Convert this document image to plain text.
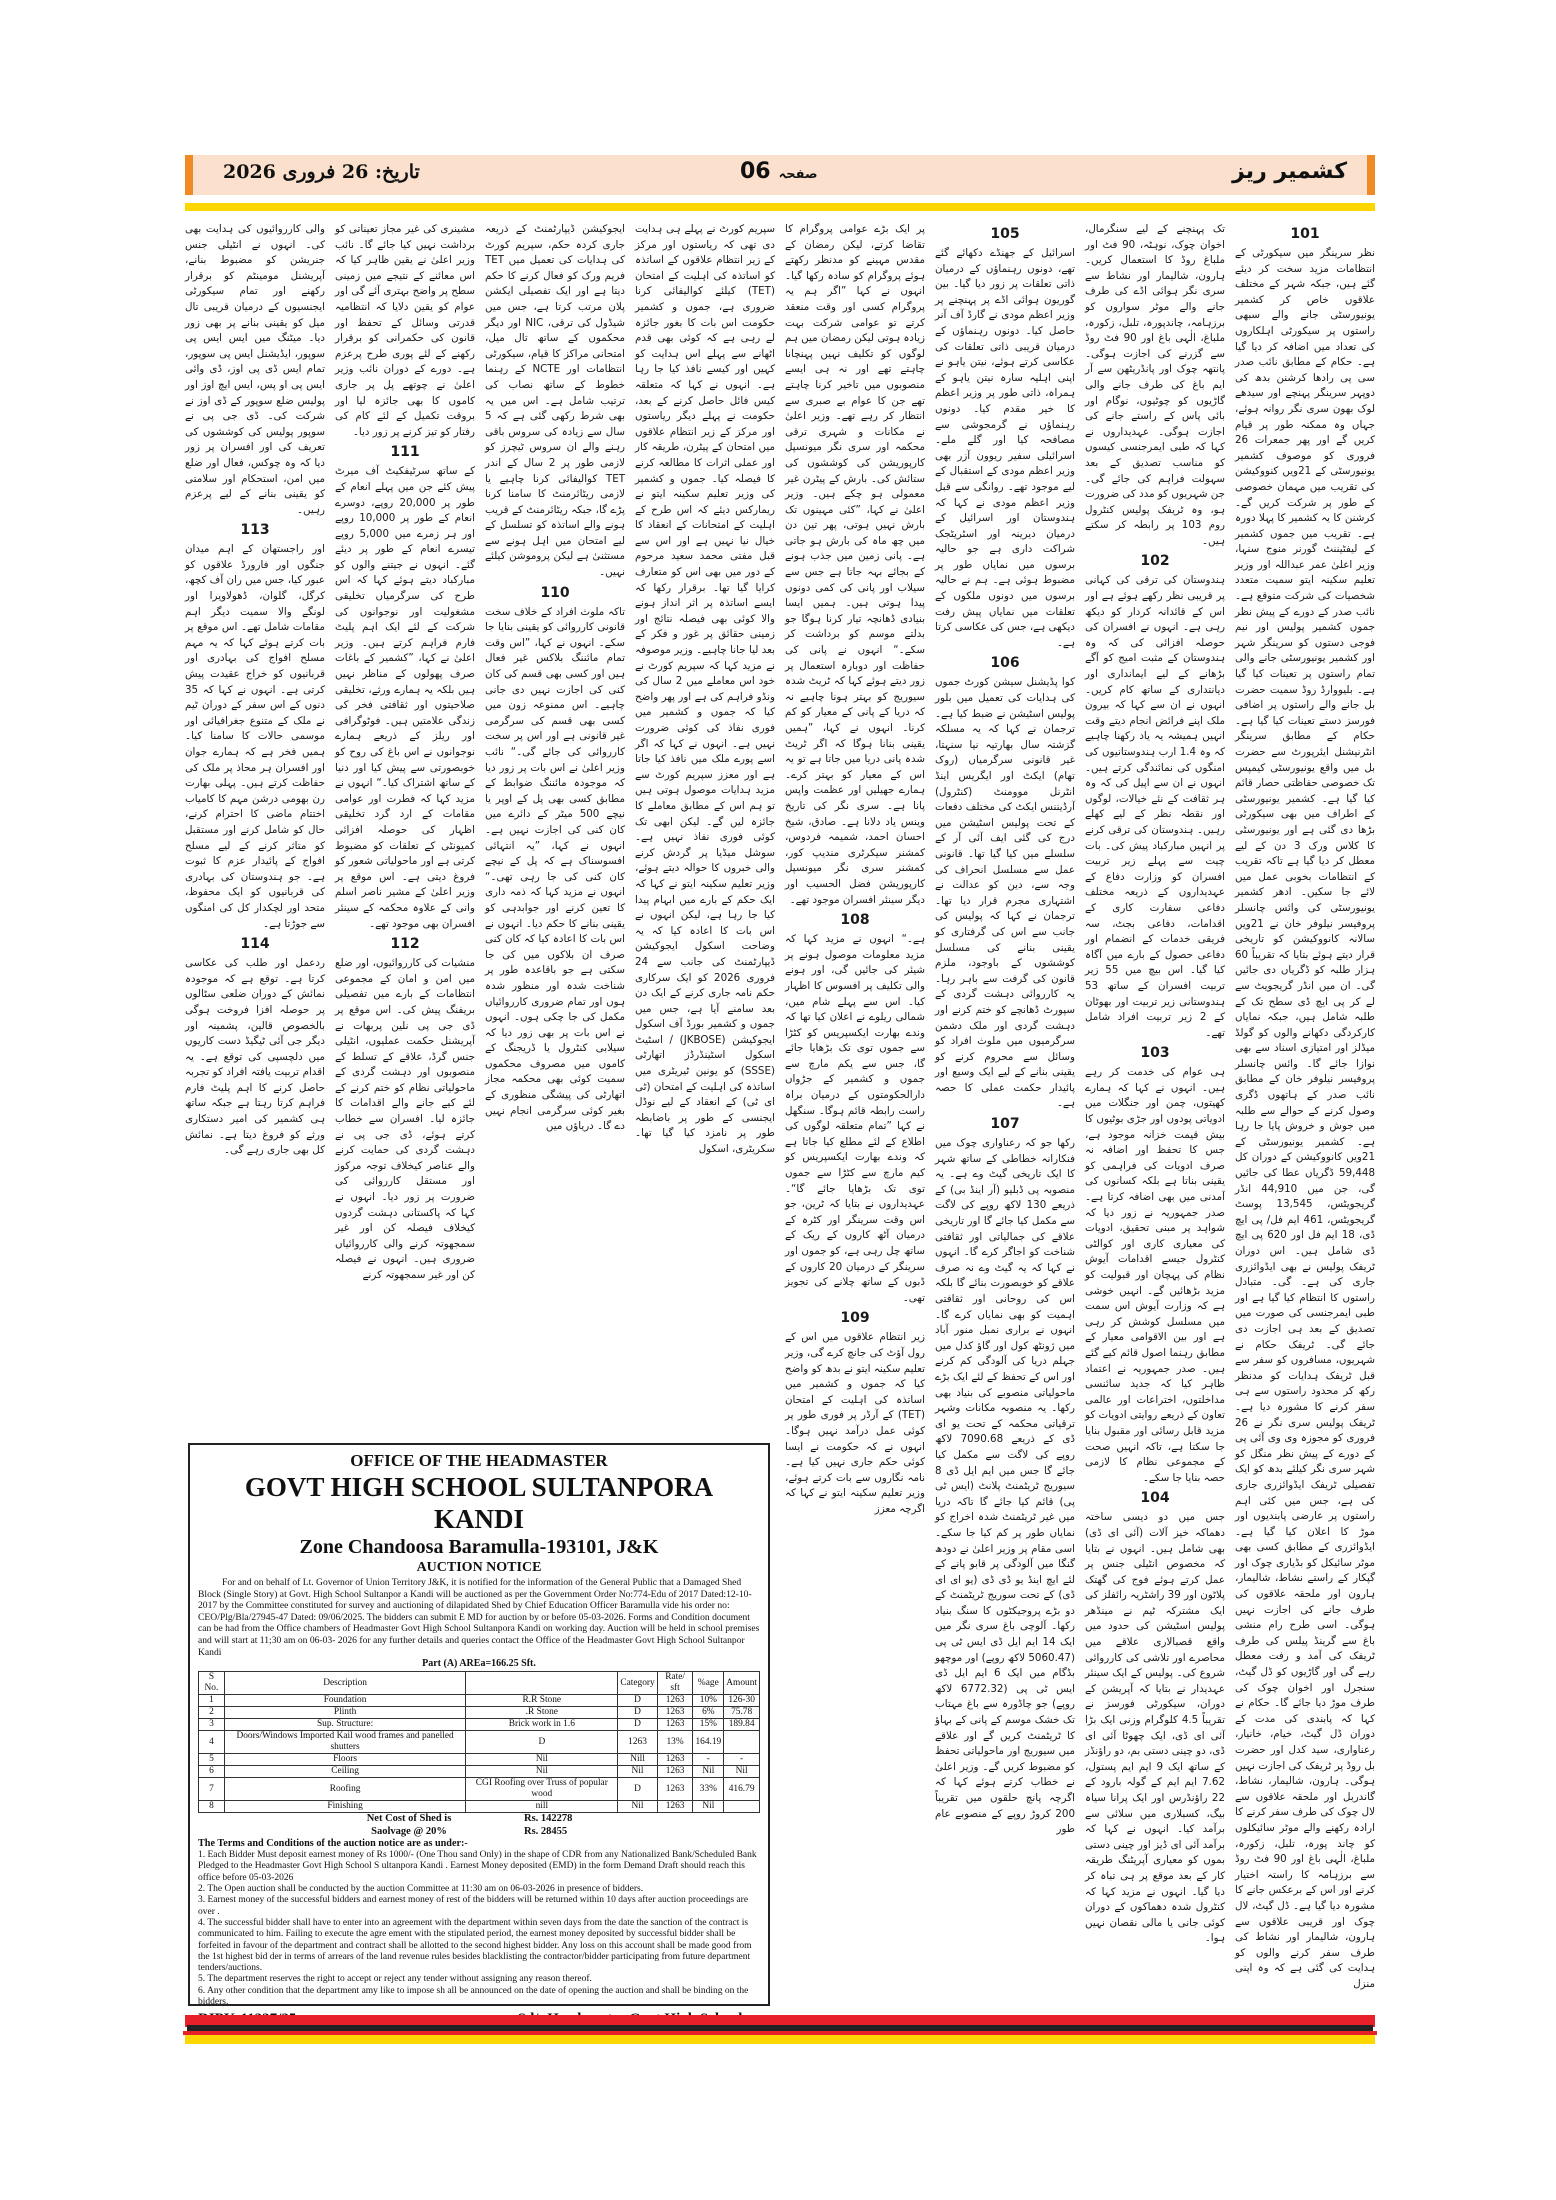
تاریخ: 26 فروری 2026	06 صفحہ	کشمیر ریز
101

نظر سرینگر میں سیکورٹی کے انتظامات مزید سخت کر دیئے گئے ہیں، جبکہ شہر کے مختلف علاقوں خاص کر کشمیر یونیورسٹی جانے والے سبھی راستوں پر سیکورٹی اہلکاروں کی تعداد میں اضافہ کر دیا گیا ہے۔ حکام کے مطابق نائب صدر سی پی رادھا کرشنن بدھ کی دوپہر سرینگر پہنچے اور سیدھے لوک بھون سری نگر روانہ ہوئے، جہاں وہ ممکنہ طور پر قیام کریں گے اور پھر جمعرات 26 فروری کو موصوف کشمیر یونیورسٹی کے 21ویں کنووکیشن کی تقریب میں مہمان خصوصی کے طور پر شرکت کریں گے۔ کرشنن کا یہ کشمیر کا پہلا دورہ ہے۔ تقریب میں جموں کشمیر کے لیفٹیننٹ گورنر منوج سنہا، وزیر اعلیٰ عمر عبداللہ اور وزیر تعلیم سکینہ ایتو سمیت متعدد شخصیات کی شرکت متوقع ہے۔ نائب صدر کے دورے کے پیش نظر جموں کشمیر پولیس اور نیم فوجی دستوں کو سرینگر شہر اور کشمیر یونیورسٹی جانے والی تمام راستوں پر تعینات کیا گیا ہے۔ بلیووارڈ روڈ سمیت حضرت بل جانے والے راستوں پر اضافی فورسز دستے تعینات کیا گیا ہے۔ حکام کے مطابق سرینگر انٹرنیشنل ایئرپورٹ سے حضرت بل میں واقع یونیورسٹی کیمپس تک خصوصی حفاظتی حصار قائم کیا گیا ہے۔ کشمیر یونیورسٹی کے اطراف میں بھی سیکورٹی بڑھا دی گئی ہے اور یونیورسٹی کا کلاس ورک 3 دن کے لیے معطل کر دیا گیا ہے تاکہ تقریب کے انتظامات بخوبی عمل میں لائے جا سکیں۔ ادھر کشمیر یونیورسٹی کی وائس چانسلر پروفیسر نیلوفر خان نے 21ویں سالانہ کانووکیشن کو تاریخی قرار دیتے ہوئے بتایا کہ تقریباً 60 ہزار طلبہ کو ڈگریاں دی جائیں گی۔ ان میں انڈر گریجویٹ سے لے کر پی ایچ ڈی سطح تک کے طلبہ شامل ہیں، جبکہ نمایاں کارکردگی دکھانے والوں کو گولڈ میڈلز اور امتیازی اسناد سے بھی نوازا جائے گا۔ وائس چانسلر پروفیسر نیلوفر خان کے مطابق نائب صدر کے ہاتھوں ڈگری وصول کرنے کے حوالے سے طلبہ میں جوش و خروش پایا جا رہا ہے۔ کشمیر یونیورسٹی کے 21ویں کانووکیشن کے دوران کل 59,448 ڈگریاں عطا کی جائیں گی، جن میں 44,910 انڈر گریجویٹس، 13,545 پوسٹ گریجویٹس، 461 ایم فل/ پی ایچ ڈی، 18 ایم فل اور 620 پی ایچ ڈی شامل ہیں۔ اس دوران ٹریفک پولیس نے بھی ایڈوائزری جاری کی ہے۔ گی۔ متبادل راستوں کا انتظام کیا گیا ہے اور طبی ایمرجنسی کی صورت میں تصدیق کے بعد ہی اجازت دی جائے گی۔ ٹریفک حکام نے شہریوں، مسافروں کو سفر سے قبل ٹریفک ہدایات کو مدنظر رکھ کر محدود راستوں سے ہی سفر کرنے کا مشورہ دیا ہے۔ ٹریفک پولیس سری نگر نے 26 فروری کو مجوزہ وی وی آئی پی کے دورے کے پیش نظر منگل کو شہر سری نگر کیلئے بدھ کو ایک تفصیلی ٹریفک ایڈوائزری جاری کی ہے، جس میں کئی اہم راستوں پر عارضی پابندیوں اور موڑ کا اعلان کیا گیا ہے۔ ایڈوائزری کے مطابق کسی بھی موٹر سائیکل کو بڈیاری چوک اور گپکار کے راستے نشاط، شالیمار، ہارون اور ملحقہ علاقوں کی طرف جانے کی اجازت نہیں ہوگی۔ اسی طرح رام منشی باغ سے گرینڈ پیلس کی طرف ٹریفک کی آمد و رفت معطل رہے گی اور گاڑیوں کو ڈل گیٹ، سنجرل اور اخوان چوک کی طرف موڑ دیا جائے گا۔ حکام نے کہا کہ پابندی کی مدت کے دوران ڈل گیٹ، خیام، خانیار، رعناواری، سید کدل اور حضرت بل روڈ پر ٹریفک کی اجازت نہیں ہوگی۔ ہارون، شالیمار، نشاط، گاندربل اور ملحقہ علاقوں سے لال چوک کی طرف سفر کرنے کا ارادہ رکھنے والے موٹر سائیکلوں کو چاند پورہ، تلبل، زکورہ، ملباغ، الٰہی باغ اور 90 فٹ روڈ سے برزہامہ کا راستہ اختیار کرنے اور اس کے برعکس جانے کا مشورہ دیا گیا ہے۔ ڈل گیٹ، لال چوک اور قریبی علاقوں سے ہارون، شالیمار اور نشاط کی طرف سفر کرنے والوں کو ہدایت کی گئی ہے کہ وہ اپنی منزل

تک پہنچنے کے لیے سنگرمال، اخوان چوک، نوہٹہ، 90 فٹ اور ملباغ روڈ کا استعمال کریں۔ ہارون، شالیمار اور نشاط سے سری نگر ہوائی اڈے کی طرف جانے والے موٹر سواروں کو برزہامہ، چاندپورہ، تلبل، زکورہ، ملباغ، الٰہی باغ اور 90 فٹ روڈ سے گزرنے کی اجازت ہوگی۔ پانتھہ چوک اور پانڈریٹھن سے آر ایم باغ کی طرف جانے والی گاڑیوں کو چوٹیوں، نوگام اور بائی پاس کے راستے جانے کی اجازت ہوگی۔ عہدیداروں نے کہا کہ طبی ایمرجنسی کیسوں کو مناسب تصدیق کے بعد سہولت فراہم کی جائے گی۔ جن شہریوں کو مدد کی ضرورت ہو، وہ ٹریفک پولیس کنٹرول روم 103 پر رابطہ کر سکتے ہیں۔

102

ہندوستان کی ترقی کی کہانی پر قریبی نظر رکھے ہوئے ہے اور اس کے قائدانہ کردار کو دیکھ رہی ہے۔ انہوں نے افسران کی حوصلہ افزائی کی کہ وہ ہندوستان کے مثبت امیج کو آگے بڑھانے کے لیے ایمانداری اور دیانتداری کے ساتھ کام کریں۔ انہوں نے ان سے کہا کہ بیرون ملک اپنے فرائض انجام دیتے وقت انہیں ہمیشہ یہ یاد رکھنا چاہیے کہ وہ 1.4 ارب ہندوستانیوں کی امنگوں کی نمائندگی کرتے ہیں۔ انہوں نے ان سے اپیل کی کہ وہ ہر ثقافت کے نئے خیالات، لوگوں اور نقطہ نظر کے لیے کھلے رہیں۔ ہندوستان کی ترقی کرنے پر انہیں مبارکباد پیش کی۔ بات چیت سے پہلے زیر تربیت افسران کو وزارت دفاع کے عہدیداروں کے ذریعہ مختلف دفاعی سفارت کاری کے اقدامات، دفاعی بجٹ، سہ فریقی خدمات کے انضمام اور دفاعی حصول کے بارے میں آگاہ کیا گیا۔ اس بیچ میں 55 زیر تربیت افسران کے ساتھ 53 ہندوستانی زیر تربیت اور بھوٹان کے 2 زیر تربیت افراد شامل تھے۔

103

ہی عوام کی خدمت کر رہے ہیں۔ انہوں نے کہا کہ ہمارے کھیتوں، چمن اور جنگلات میں ادویاتی پودوں اور جڑی بوٹیوں کا بیش قیمت خزانہ موجود ہے، جس کا تحفظ اور اضافہ نہ صرف ادویات کی فراہمی کو یقینی بناتا ہے بلکہ کسانوں کی آمدنی میں بھی اضافہ کرتا ہے۔ صدر جمہوریہ نے زور دیا کہ شواہد پر مبنی تحقیق، ادویات کی معیاری کاری اور کوالٹی کنٹرول جیسے اقدامات آیوش نظام کی پہچان اور قبولیت کو مزید بڑھائیں گے۔ انہیں خوشی ہے کہ وزارت آیوش اس سمت میں مسلسل کوشش کر رہی ہے اور بین الاقوامی معیار کے مطابق رہنما اصول قائم کیے گئے ہیں۔ صدر جمہوریہ نے اعتماد ظاہر کیا کہ جدید سائنسی مداخلتوں، اختراعات اور عالمی تعاون کے ذریعے روایتی ادویات کو مزید قابل رسائی اور مقبول بنایا جا سکتا ہے، تاکہ انہیں صحت کے مجموعی نظام کا لازمی حصہ بنایا جا سکے۔

104

جس میں دو دیسی ساختہ دھماکہ خیز آلات (آئی ای ڈی) بھی شامل ہیں۔ انہوں نے بتایا کہ مخصوص انٹیلی جنس پر عمل کرتے ہوئے فوج کی گھتک پلاٹون اور 39 راشٹریہ رائفلز کی ایک مشترکہ ٹیم نے مینڈھر پولیس اسٹیشن کی حدود میں واقع قصبالاری علاقے میں محاصرے اور تلاشی کی کارروائی شروع کی۔ پولیس کے ایک سینئر عہدیدار نے بتایا کہ آپریشن کے دوران، سیکورٹی فورسز نے تقریباً 4.5 کلوگرام وزنی ایک بڑا آئی ای ڈی، ایک چھوٹا آئی ای ڈی، دو چینی دستی بم، دو راؤنڈز کے ساتھ ایک 9 ایم ایم پستول، 7.62 ایم ایم کے گولہ بارود کے 22 راؤنڈرس اور ایک پرانا سیاہ بیگ، کسبلاری میں سلائی سے برآمد کیا۔ انہوں نے کہا کہ برآمد آئی ای ڈیز اور چینی دستی بموں کو معیاری آپریٹنگ طریقہ کار کے بعد موقع پر ہی تباہ کر دیا گیا۔ انہوں نے مزید کہا کہ کنٹرول شدہ دھماکوں کے دوران کوئی جانی یا مالی نقصان نہیں ہوا۔

105

اسرائیل کے جھنڈے دکھائے گئے تھے، دونوں رہنماؤں کے درمیان ذاتی تعلقات پر زور دیا گیا۔ بین گوریون ہوائی اڈے پر پہنچنے پر وزیر اعظم مودی نے گارڈ آف آنر حاصل کیا۔ دونوں رہنماؤں کے درمیان قریبی ذاتی تعلقات کی عکاسی کرتے ہوئے، نیتن یاہو نے اپنی اہلیہ سارہ نیتن یاہو کے ہمراہ، ذاتی طور پر وزیر اعظم کا خیر مقدم کیا۔ دونوں رہنماؤں نے گرمجوشی سے مصافحہ کیا اور گلے ملے۔ اسرائیلی سفیر ریوون آزر بھی وزیر اعظم مودی کے استقبال کے لیے موجود تھے۔ روانگی سے قبل وزیر اعظم مودی نے کہا کہ ہندوستان اور اسرائیل کے درمیان دیرینہ اور اسٹریٹجک شراکت داری ہے جو حالیہ برسوں میں نمایاں طور پر مضبوط ہوئی ہے۔ ہم نے حالیہ برسوں میں دونوں ملکوں کے تعلقات میں نمایاں پیش رفت دیکھی ہے، جس کی عکاسی کرتا ہے۔

106

کوا پڈیشنل سیشن کورٹ جموں کی ہدایات کی تعمیل میں بلور پولیس اسٹیشن نے ضبط کیا ہے۔ ترجمان نے کہا کہ یہ مسلکہ گزشتہ سال بھارتیہ نیا سنہتا، غیر قانونی سرگرمیاں (روک تھام) ایکٹ اور ایگریس اینڈ انٹرنل موومنٹ (کنٹرول) آرڈیننس ایکٹ کی مختلف دفعات کے تحت پولیس اسٹیشن میں درج کی گئی ایف آئی آر کے سلسلے میں کیا گیا تھا۔ قانونی عمل سے مسلسل انحراف کی وجہ سے، دین کو عدالت نے اشتہاری مجرم قرار دیا تھا۔ ترجمان نے کہا کہ پولیس کی جانب سے اس کی گرفتاری کو یقینی بنانے کی مسلسل کوششوں کے باوجود، ملزم قانون کی گرفت سے باہر رہا۔ یہ کارروائی دہشت گردی کے سپورٹ ڈھانچے کو ختم کرنے اور دہشت گردی اور ملک دشمن سرگرمیوں میں ملوث افراد کو وسائل سے محروم کرنے کو یقینی بنانے کے لیے ایک وسیع اور پائیدار حکمت عملی کا حصہ ہے۔

107

رکھا جو کہ رعناواری چوک میں فنکارانہ خطاطی کے ساتھ شہر کا ایک تاریخی گیٹ وے ہے۔ یہ منصوبہ پی ڈبلیو (آر اینڈ بی) کے ذریعے 130 لاکھ روپے کی لاگت سے مکمل کیا جائے گا اور تاریخی علاقے کی جمالیاتی اور ثقافتی شناخت کو اجاگر کرے گا۔ انہوں نے کہا کہ یہ گیٹ وے نہ صرف علاقے کو خوبصورت بنائے گا بلکہ اس کی روحانی اور ثقافتی اہمیت کو بھی نمایاں کرے گا۔ انہوں نے براری نمبل منور آباد میں ژونٹھ کول اور گاؤ کدل میں جہلم دریا کی آلودگی کم کرنے اور اس کے تحفظ کے لئے ایک بڑے ماحولیاتی منصوبے کی بنیاد بھی رکھا۔ یہ منصوبہ مکانات وشہر ترقیاتی محکمہ کے تحت یو ای ڈی کے ذریعے 7090.68 لاکھ روپے کی لاگت سے مکمل کیا جائے گا جس میں ایم ایل ڈی 8 سیوریج ٹریٹمنٹ پلانٹ (ایس ٹی پی) قائم کیا جائے گا تاکہ دریا میں غیر ٹریٹمنٹ شدہ اخراج کو نمایاں طور پر کم کیا جا سکے۔ اسی مقام پر وزیر اعلیٰ نے دودھ گنگا میں آلودگی پر قابو پانے کے لئے ایچ اینڈ یو ڈی ڈی (یو ای ای ڈی) کے تحت سوریج ٹریٹمنٹ کے دو بڑے پروجیکٹوں کا سنگ بنیاد رکھا۔ آلوچی باغ سری نگر میں ایک 14 ایم ایل ڈی ایس ٹی پی (5060.47 لاکھ روپے) اور موچھو بڈگام میں ایک 6 ایم ایل ڈی ایس ٹی پی (6772.32 لاکھ روپے) جو چاڈورہ سے باغ مہتاب تک خشک موسم کے پانی کے بہاؤ کا ٹریٹمنٹ کریں گے اور علاقے میں سیوریج اور ماحولیاتی تحفظ کو مضبوط کریں گے۔ وزیر اعلیٰ نے خطاب کرتے ہوئے کہا کہ اگرچہ پانچ حلقوں میں تقریباً 200 کروڑ روپے کے منصوبے عام طور

پر ایک بڑے عوامی پروگرام کا تقاضا کرتے، لیکن رمضان کے مقدس مہینے کو مدنظر رکھتے ہوئے پروگرام کو سادہ رکھا گیا۔ انہوں نے کہا ”اگر ہم یہ پروگرام کسی اور وقت منعقد کرتے تو عوامی شرکت بہت زیادہ ہوتی لیکن رمضان میں ہم لوگوں کو تکلیف نہیں پہنچانا چاہتے تھے اور نہ ہی ایسے منصوبوں میں تاخیر کرنا چاہتے تھے جن کا عوام بے صبری سے انتظار کر رہے تھے۔ وزیر اعلیٰ نے مکانات و شہری ترقی محکمہ اور سری نگر میونسپل کارپوریشن کی کوششوں کی ستائش کی۔ بارش کے پیٹرن غیر معمولی ہو چکے ہیں۔ وزیر اعلیٰ نے کہا، ”کئی مہینوں تک بارش نہیں ہوتی، پھر تین دن میں چھ ماہ کی بارش ہو جاتی ہے۔ پانی زمین میں جذب ہونے کے بجائے بہہ جاتا ہے جس سے سیلاب اور پانی کی کمی دونوں پیدا ہوتی ہیں۔ ہمیں ایسا بنیادی ڈھانچہ تیار کرنا ہوگا جو بدلتے موسم کو برداشت کر سکے۔“ انہوں نے پانی کی حفاظت اور دوبارہ استعمال پر زور دیتے ہوئے کہا کہ ٹریٹ شدہ سیوریج کو بہتر ہونا چاہیے نہ کہ دریا کے پانی کے معیار کو کم کرنا۔ انہوں نے کہا، ”ہمیں یقینی بنانا ہوگا کہ اگر ٹریٹ شدہ پانی دریا میں جاتا ہے تو یہ اس کے معیار کو بہتر کرے۔ ہمارے جھیلیں اور عظمت واپس پانا ہے۔ سری نگر کی تاریخ وینس یاد دلانا ہے۔ صادق، شیخ احسان احمد، شمیمہ فردوس، کمشنر سیکرٹری مندیپ کور، کمشنر سری نگر میونسپل کارپوریشن فضل الحسیب اور دیگر سینئر افسران موجود تھے۔

108

ہے۔“ انہوں نے مزید کہا کہ مزید معلومات موصول ہونے پر شیئر کی جائیں گی، اور ہونے والی تکلیف پر افسوس کا اظہار کیا۔ اس سے پہلے شام میں، شمالی ریلوے نے اعلان کیا تھا کہ وندے بھارت ایکسپریس کو کٹڑا سے جموں توی تک بڑھایا جائے گا، جس سے یکم مارچ سے جموں و کشمیر کے جڑواں دارالحکومتوں کے درمیان براہ راست رابطہ قائم ہوگا۔ سنگھل نے کہا ”تمام متعلقہ لوگوں کی اطلاع کے لئے مطلع کیا جاتا ہے کہ وندے بھارت ایکسپریس کو کیم مارچ سے کٹڑا سے جموں توی تک بڑھایا جائے گا“۔ عہدیداروں نے بتایا کہ ٹرین، جو اس وقت سرینگر اور کٹرہ کے درمیان آٹھ کاروں کے ریک کے ساتھ چل رہی ہے، کو جموں اور سرینگر کے درمیان 20 کاروں کے ڈبوں کے ساتھ چلانے کی تجویز تھی۔

109

زیر انتظام علاقوں میں اس کے رول آؤٹ کی جانچ کرے گی، وزیر تعلیم سکینہ ایتو نے بدھ کو واضح کیا کہ جموں و کشمیر میں اساتذہ کی اہلیت کے امتحان (TET) کے آرڈر پر فوری طور پر کوئی عمل درآمد نہیں ہوگا۔ انہوں نے کہ حکومت نے ایسا کوئی حکم جاری نہیں کیا ہے۔ نامہ نگاروں سے بات کرتے ہوئے، وزیر تعلیم سکینہ ایتو نے کہا کہ اگرچہ معزز

سپریم کورٹ نے پہلے ہی ہدایت دی تھی کہ ریاستوں اور مرکز کے زیر انتظام علاقوں کے اساتذہ کو اساتذہ کی اہلیت کے امتحان (TET) کیلئے کوالیفائی کرنا ضروری ہے، جموں و کشمیر حکومت اس بات کا بغور جائزہ لے رہی ہے کہ کوئی بھی قدم اٹھانے سے پہلے اس ہدایت کو کہیں اور کیسے نافذ کیا جا رہا ہے۔ انہوں نے کہا کہ متعلقہ کیس فائل حاصل کرنے کے بعد، حکومت نے پہلے دیگر ریاستوں اور مرکز کے زیر انتظام علاقوں میں امتحان کے پیٹرن، طریقہ کار اور عملی اثرات کا مطالعہ کرنے کا فیصلہ کیا۔ جموں و کشمیر کی وزیر تعلیم سکینہ ایتو نے ریمارکس دیئے کہ اس طرح کے اہلیت کے امتحانات کے انعقاد کا خیال نیا نہیں ہے اور اس سے قبل مفتی محمد سعید مرحوم کے دور میں بھی اس کو متعارف کرایا گیا تھا۔ برقرار رکھا کہ ایسے اساتذہ پر اثر انداز ہونے والا کوئی بھی فیصلہ نتائج اور زمینی حقائق پر غور و فکر کے بعد لیا جانا چاہیے۔ وزیر موصوفہ نے مزید کہا کہ سپریم کورٹ نے خود اس معاملے میں 2 سال کی ونڈو فراہم کی ہے اور پھر واضح کیا کہ جموں و کشمیر میں فوری نفاذ کی کوئی ضرورت نہیں ہے۔ انہوں نے کہا کہ اگر اسے پورے ملک میں نافذ کیا جاتا ہے اور معزز سپریم کورٹ سے مزید ہدایات موصول ہوتی ہیں تو ہم اس کے مطابق معاملے کا جائزہ لیں گے۔ لیکن ابھی تک کوئی فوری نفاذ نہیں ہے۔ سوشل میڈیا پر گردش کرنے والی خبروں کا حوالہ دیتے ہوئے، وزیر تعلیم سکینہ ایتو نے کہا کہ ایک حکم کے بارے میں ابہام پیدا کیا جا رہا ہے، لیکن انہوں نے اس بات کا اعادہ کیا کہ یہ وضاحت اسکول ایجوکیشن ڈیپارٹمنٹ کی جانب سے 24 فروری 2026 کو ایک سرکاری حکم نامہ جاری کرنے کے ایک دن بعد سامنے آیا ہے، جس میں جموں و کشمیر بورڈ آف اسکول ایجوکیشن (JKBOSE) / اسٹیٹ اسکول اسٹینڈرڈز اتھارٹی (SSSE) کو یونین ٹیریٹری میں اساتذہ کی اہلیت کے امتحان (ٹی ای ٹی) کے انعقاد کے لیے نوڈل ایجنسی کے طور پر باضابطہ طور پر نامزد کیا گیا تھا۔ سکریٹری، اسکول

ایجوکیشن ڈیپارٹمنٹ کے ذریعہ جاری کردہ حکم، سپریم کورٹ کی ہدایات کی تعمیل میں TET فریم ورک کو فعال کرنے کا حکم دیتا ہے اور ایک تفصیلی ایکشن پلان مرتب کرتا ہے، جس میں شیڈول کی ترقی، NIC اور دیگر محکموں کے ساتھ تال میل، امتحانی مراکز کا قیام، سیکورٹی انتظامات اور NCTE کے رہنما خطوط کے ساتھ نصاب کی ترتیب شامل ہے۔ اس میں یہ بھی شرط رکھی گئی ہے کہ 5 سال سے زیادہ کی سروس باقی رہنے والے ان سروس ٹیچرز کو لازمی طور پر 2 سال کے اندر TET کوالیفائی کرنا چاہیے یا لازمی ریٹائرمنٹ کا سامنا کرنا پڑے گا، جبکہ ریٹائرمنٹ کے قریب ہونے والے اساتذہ کو تسلسل کے لیے امتحان میں اہل ہونے سے مستثنیٰ ہے لیکن پروموشن کیلئے نہیں۔

110

تاکہ ملوث افراد کے خلاف سخت قانونی کارروائی کو یقینی بنایا جا سکے۔ انہوں نے کہا، ”اس وقت تمام مائننگ بلاکس غیر فعال ہیں اور کسی بھی قسم کی کان کنی کی اجازت نہیں دی جانی چاہیے۔ اس ممنوعہ زون میں کسی بھی قسم کی سرگرمی غیر قانونی ہے اور اس پر سخت کارروائی کی جائے گی۔“ نائب وزیر اعلیٰ نے اس بات پر زور دیا کہ موجودہ مائننگ ضوابط کے مطابق کسی بھی پل کے اوپر یا نیچے 500 میٹر کے دائرے میں کان کنی کی اجازت نہیں ہے۔ انہوں نے کہا، ”یہ انتہائی افسوسناک ہے کہ پل کے نیچے کان کنی کی جا رہی تھی۔“ انہوں نے مزید کہا کہ ذمہ داری کا تعین کرنے اور جوابدہی کو یقینی بنانے کا حکم دیا۔ انہوں نے اس بات کا اعادہ کیا کہ کان کنی صرف ان بلاکوں میں کی جا سکتی ہے جو باقاعدہ طور پر شناخت شدہ اور منظور شدہ ہوں اور تمام ضروری کارروائیاں مکمل کی جا چکی ہوں۔ انہوں نے اس بات پر بھی زور دیا کہ سیلابی کنٹرول یا ڈریجنگ کے کاموں میں مصروف محکموں سمیت کوئی بھی محکمہ مجاز اتھارٹی کی پیشگی منظوری کے بغیر کوئی سرگرمی انجام نہیں دے گا۔ دریاؤں میں

مشینری کی غیر مجاز تعیناتی کو برداشت نہیں کیا جائے گا۔ نائب وزیر اعلیٰ نے یقین ظاہر کیا کہ اس معائنے کے نتیجے میں زمینی سطح پر واضح بہتری آئے گی اور عوام کو یقین دلایا کہ انتظامیہ قدرتی وسائل کے تحفظ اور قانون کی حکمرانی کو برقرار رکھنے کے لئے پوری طرح پرعزم ہے۔ دورے کے دوران نائب وزیر اعلیٰ نے چوتھے پل پر جاری کاموں کا بھی جائزہ لیا اور بروقت تکمیل کے لئے کام کی رفتار کو تیز کرنے پر زور دیا۔

111

کے ساتھ سرٹیفکیٹ آف میرٹ پیش کئے جن میں پہلے انعام کے طور پر 20,000 روپے، دوسرے انعام کے طور پر 10,000 روپے اور ہر زمرے میں 5,000 روپے تیسرے انعام کے طور پر دیئے گئے۔ انہوں نے جیتنے والوں کو مبارکباد دیتے ہوئے کہا کہ اس طرح کی سرگرمیاں تخلیقی مشغولیت اور نوجوانوں کی شرکت کے لئے ایک اہم پلیٹ فارم فراہم کرتے ہیں۔ وزیر اعلیٰ نے کہا، ”کشمیر کے باغات صرف پھولوں کے مناظر نہیں ہیں بلکہ یہ ہمارے ورثے، تخلیقی صلاحیتوں اور ثقافتی فخر کی زندگی علامتیں ہیں۔ فوٹوگرافی اور ریلز کے ذریعے ہمارے نوجوانوں نے اس باغ کی روح کو خوبصورتی سے پیش کیا اور دنیا کے ساتھ اشتراک کیا۔“ انہوں نے مزید کہا کہ فطرت اور عوامی مقامات کے ارد گرد تخلیقی اظہار کی حوصلہ افزائی کمیونٹی کے تعلقات کو مضبوط کرتی ہے اور ماحولیاتی شعور کو فروغ دیتی ہے۔ اس موقع پر وزیر اعلیٰ کے مشیر ناصر اسلم وانی کے علاوہ محکمہ کے سینئر افسران بھی موجود تھے۔

112

منشیات کی کارروائیوں، اور ضلع میں امن و امان کے مجموعی انتظامات کے بارے میں تفصیلی بریفنگ پیش کی۔ اس موقع پر ڈی جی پی نلین پربھات نے آپریشنل حکمت عملیوں، انٹیلی جنس گرڈ، علاقے کے تسلط کے منصوبوں اور دہشت گردی کے ماحولیاتی نظام کو ختم کرنے کے لئے کیے جانے والے اقدامات کا جائزہ لیا۔ افسران سے خطاب کرتے ہوئے، ڈی جی پی نے دہشت گردی کی حمایت کرنے والے عناصر کیخلاف توجہ مرکوز اور مستقل کارروائی کی ضرورت پر زور دیا۔ انہوں نے کہا کہ پاکستانی دہشت گردوں کیخلاف فیصلہ کن اور غیر سمجھوتہ کرنے والی کارروائیاں ضروری ہیں۔ انہوں نے فیصلہ کن اور غیر سمجھوتہ کرنے

والی کارروائیوں کی ہدایت بھی کی۔ انہوں نے انٹیلی جنس جنریشن کو مضبوط بنانے، آپریشنل مومینٹم کو برقرار رکھنے اور تمام سیکورٹی ایجنسیوں کے درمیان قریبی تال میل کو یقینی بنانے پر بھی زور دیا۔ میٹنگ میں ایس ایس پی سوپور، ایڈیشنل ایس پی سوپور، تمام ایس ڈی پی اوز، ڈی وائی ایس پی او پس، ایس ایچ اوز اور پولیس ضلع سوپور کے ڈی اوز نے شرکت کی۔ ڈی جی پی نے سوپور پولیس کی کوششوں کی تعریف کی اور افسران پر زور دیا کہ وہ چوکس، فعال اور ضلع میں امن، استحکام اور سلامتی کو یقینی بنانے کے لیے پرعزم رہیں۔

113

اور راجستھان کے اہم میدان جنگوں اور فارورڈ علاقوں کو عبور کیا، جس میں ران آف کچھ، کرگل، گلوان، ڈھولاویرا اور لونگے والا سمیت دیگر اہم مقامات شامل تھے۔ اس موقع پر بات کرتے ہوئے کہا کہ یہ مہم مسلح افواج کی بہادری اور قربانیوں کو خراج عقیدت پیش کرتی ہے۔ انہوں نے کہا کہ 35 دنوں کے اس سفر کے دوران ٹیم نے ملک کے متنوع جغرافیائی اور موسمی حالات کا سامنا کیا۔ ہمیں فخر ہے کہ ہمارے جوان اور افسران ہر محاذ پر ملک کی حفاظت کرتے ہیں۔ پہلی بھارت رن بھومی درشن مہم کا کامیاب اختتام ماضی کا احترام کرنے، حال کو شامل کرنے اور مستقبل کو متاثر کرنے کے لیے مسلح افواج کے پائیدار عزم کا ثبوت ہے۔ جو ہندوستان کی بہادری کی قربانیوں کو ایک محفوظ، متحد اور لچکدار کل کی امنگوں سے جوڑتا ہے۔

114

ردعمل اور طلب کی عکاسی کرتا ہے۔ توقع ہے کہ موجودہ نمائش کے دوران ضلعی سٹالوں پر حوصلہ افزا فروخت ہوگی بالخصوص قالین، پشمینہ اور دیگر جی آئی ٹیگیڈ دست کاریوں میں دلچسپی کی توقع ہے۔ یہ اقدام تربیت یافتہ افراد کو تجربہ حاصل کرنے کا اہم پلیٹ فارم فراہم کرتا رہتا ہے جبکہ ساتھ ہی کشمیر کی امیر دستکاری ورثے کو فروغ دیتا ہے۔ نمائش کل بھی جاری رہے گی۔

OFFICE OF THE HEADMASTER
GOVT HIGH SCHOOL SULTANPORA KANDI
Zone Chandoosa Baramulla-193101, J&K
AUCTION NOTICE
For and on behalf of Lt. Governor of Union Territory J&K, it is notified for the information of the General Public that a Damaged Shed Block (Single Story) at Govt. High School Sultanpor a Kandi will be auctioned as per the Government Order No:774-Edu of 2017 Dated:12-10-2017 by the Committee constituted for survey and auctioning of dilapidated Shed by Chief Education Officer Baramulla vide his order no: CEO/Plg/Bla/27945-47 Dated: 09/06/2025. The bidders can submit E MD for auction by or before 05-03-2026. Forms and Condition document can be had from the Office chambers of Headmaster Govt High School Sultanpora Kandi on working day. Auction will be held in school premises and will start at 11;30 am on 06-03- 2026 for any further details and queries contact the Office of the Headmaster Govt High School Sultanpor Kandi
Part (A) AREa=166.25 Sft.
S No.	Description		Category	Rate/ sft	%age	Amount
1	Foundation	R.R Stone	D	1263	10%	126-30
2	Plinth	.R Stone	D	1263	6%	75.78
3	Sup. Structure:	Brick work in 1.6	D	1263	15%	189.84
4	Doors/Windows Imported Kail wood frames and panelled shutters	D	1263	13%	164.19	
5	Floors	Nil	Nill	1263	-	-
6	Ceiling	Nil	Nil	1263	Nil	Nil
7	Roofing	CGI Roofing over Truss of popular wood	D	1263	33%	416.79
8	Finishing	nill	Nil	1263	Nil	
Net Cost of Shed is	Rs. 142278
Saolvage @ 20%	Rs. 28455
The Terms and Conditions of the auction notice are as under:-
1. Each Bidder Must deposit earnest money of Rs 1000/- (One Thou sand Only) in the shape of CDR from any Nationalized Bank/Scheduled Bank Pledged to the Headmaster Govt High School S ultanpora Kandi . Earnest Money deposited (EMD) in the form Demand Draft should reach this office before 05-03-2026
2. The Open auction shall be conducted by the auction Committee at 11:30 am on 06-03-2026 in presence of bidders.
3. Earnest money of the successful bidders and earnest money of rest of the bidders will be returned within 10 days after auction proceedings are over .
4. The successful bidder shall have to enter into an agreement with the department within seven days from the date the sanction of the contract is communicated to him. Failing to execute the agre ement with the stipulated period, the earnest money deposited by successful bidder shall be forfeited in favour of the department and contract shall be allotted to the second highest bidder. Any loss on this account shall be made good from the 1st highest bid der in terms of arrears of the land revenue rules besides blacklisting the contractor/bidder participating from future department tenders/auctions.
5. The department reserves the right to accept or reject any tender without assigning any reason thereof.
6. Any other condition that the department amy like to impose sh all be announced on the date of opening the auction and shall be binding on the bidders.
